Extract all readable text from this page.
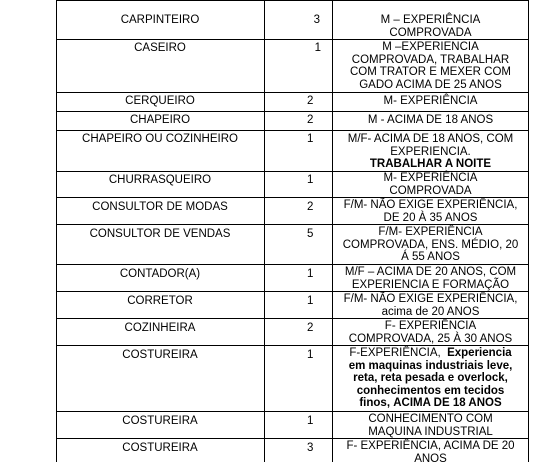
CARPINTEIRO	3	M – EXPERIÊNCIA
COMPROVADA
CASEIRO	1	M –EXPERIENCIA
COMPROVADA, TRABALHAR
COM TRATOR E MEXER COM
GADO ACIMA DE 25 ANOS
CERQUEIRO	2	M- EXPERIÊNCIA
CHAPEIRO	2	M - ACIMA DE 18 ANOS
CHAPEIRO OU COZINHEIRO	1	M/F- ACIMA DE 18 ANOS, COM
EXPERIENCIA.
TRABALHAR A NOITE
CHURRASQUEIRO	1	M- EXPERIÊNCIA
COMPROVADA
CONSULTOR DE MODAS	2	F/M- NÃO EXIGE EXPERIÊNCIA,
DE 20 À 35 ANOS
CONSULTOR DE VENDAS	5	F/M- EXPERIÊNCIA
COMPROVADA, ENS. MÉDIO, 20
Á 55 ANOS
CONTADOR(A)	1	M/F – ACIMA DE 20 ANOS, COM
EXPERIENCIA E FORMAÇÃO
CORRETOR	1	F/M- NÃO EXIGE EXPERIÊNCIA,
acima de 20 ANOS
COZINHEIRA	2	F- EXPERIÊNCIA
COMPROVADA, 25 À 30 ANOS
COSTUREIRA	1	F-EXPERIÊNCIA, Experiencia
em maquinas industriais leve,
reta, reta pesada e overlock,
conhecimentos em tecidos
finos, ACIMA DE 18 ANOS
COSTUREIRA	1	CONHECIMENTO COM
MAQUINA INDUSTRIAL
COSTUREIRA	3	F- EXPERIÊNCIA, ACIMA DE 20
ANOS
